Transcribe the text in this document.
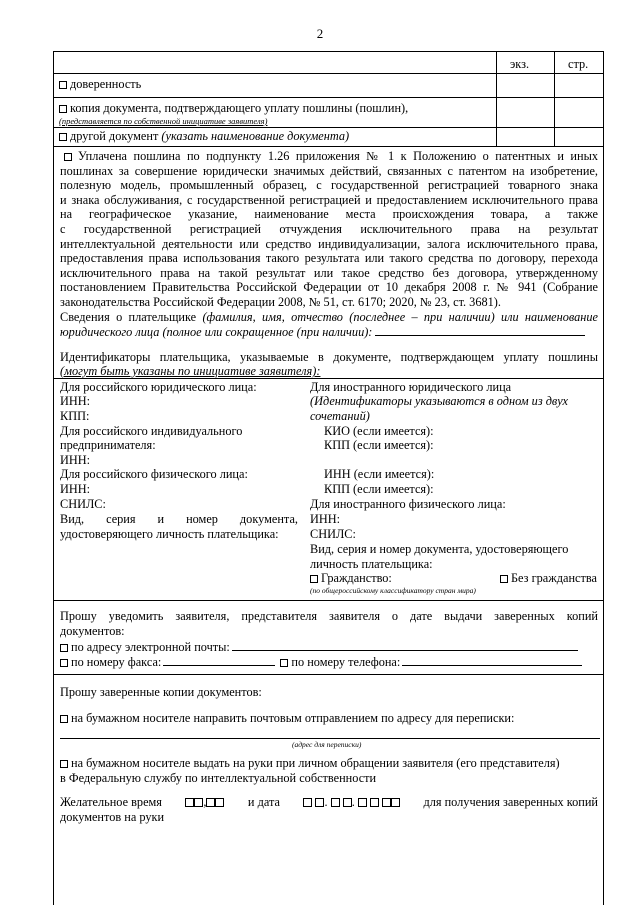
2
экз.	стр.
доверенность
копия документа, подтверждающего уплату пошлины (пошлин),
(представляется по собственной инициативе заявителя)
другой документ (указать наименование документа)
Уплачена пошлина по подпункту 1.26 приложения № 1 к Положению о патентных и иных
пошлинах за совершение юридически значимых действий, связанных с патентом на изобретение,
полезную модель, промышленный образец, с государственной регистрацией товарного знака
и знака обслуживания, с государственной регистрацией и предоставлением исключительного права
на географическое указание, наименование места происхождения товара, а также
с государственной регистрацией отчуждения исключительного права на результат
интеллектуальной деятельности или средство индивидуализации, залога исключительного права,
предоставления права использования такого результата или такого средства по договору, перехода
исключительного права на такой результат или такое средство без договора, утвержденному
постановлением Правительства Российской Федерации от 10 декабря 2008 г. № 941 (Собрание
законодательства Российской Федерации 2008, № 51, ст. 6170; 2020, № 23, ст. 3681).
Сведения о плательщике (фамилия, имя, отчество (последнее – при наличии) или наименование
юридического лица (полное или сокращенное (при наличии):
Идентификаторы плательщика, указываемые в документе, подтверждающем уплату пошлины
(могут быть указаны по инициативе заявителя):
Для российского юридического лица:
ИНН:
КПП:
Для российского индивидуального
предпринимателя:
ИНН:
Для российского физического лица:
ИНН:
СНИЛС:
Вид, серия и номер документа,
удостоверяющего личность плательщика:
Для иностранного юридического лица
(Идентификаторы указываются в одном из двух
сочетаний)
КИО (если имеется):
КПП (если имеется):
ИНН (если имеется):
КПП (если имеется):
Для иностранного физического лица:
ИНН:
СНИЛС:
Вид, серия и номер документа, удостоверяющего
личность плательщика:
Гражданство:	Без гражданства
(по общероссийскому классификатору стран мира)
Прошу уведомить заявителя, представителя заявителя о дате выдачи заверенных копий
документов:
по адресу электронной почты:
по номеру факса:	по номеру телефона:
Прошу заверенные копии документов:
на бумажном носителе направить почтовым отправлением по адресу для переписки:
(адрес для переписки)
на бумажном носителе выдать на руки при личном обращении заявителя (его представителя)
в Федеральную службу по интеллектуальной собственности
Желательное время	,	и дата	.  .	для получения заверенных копий
документов на руки
